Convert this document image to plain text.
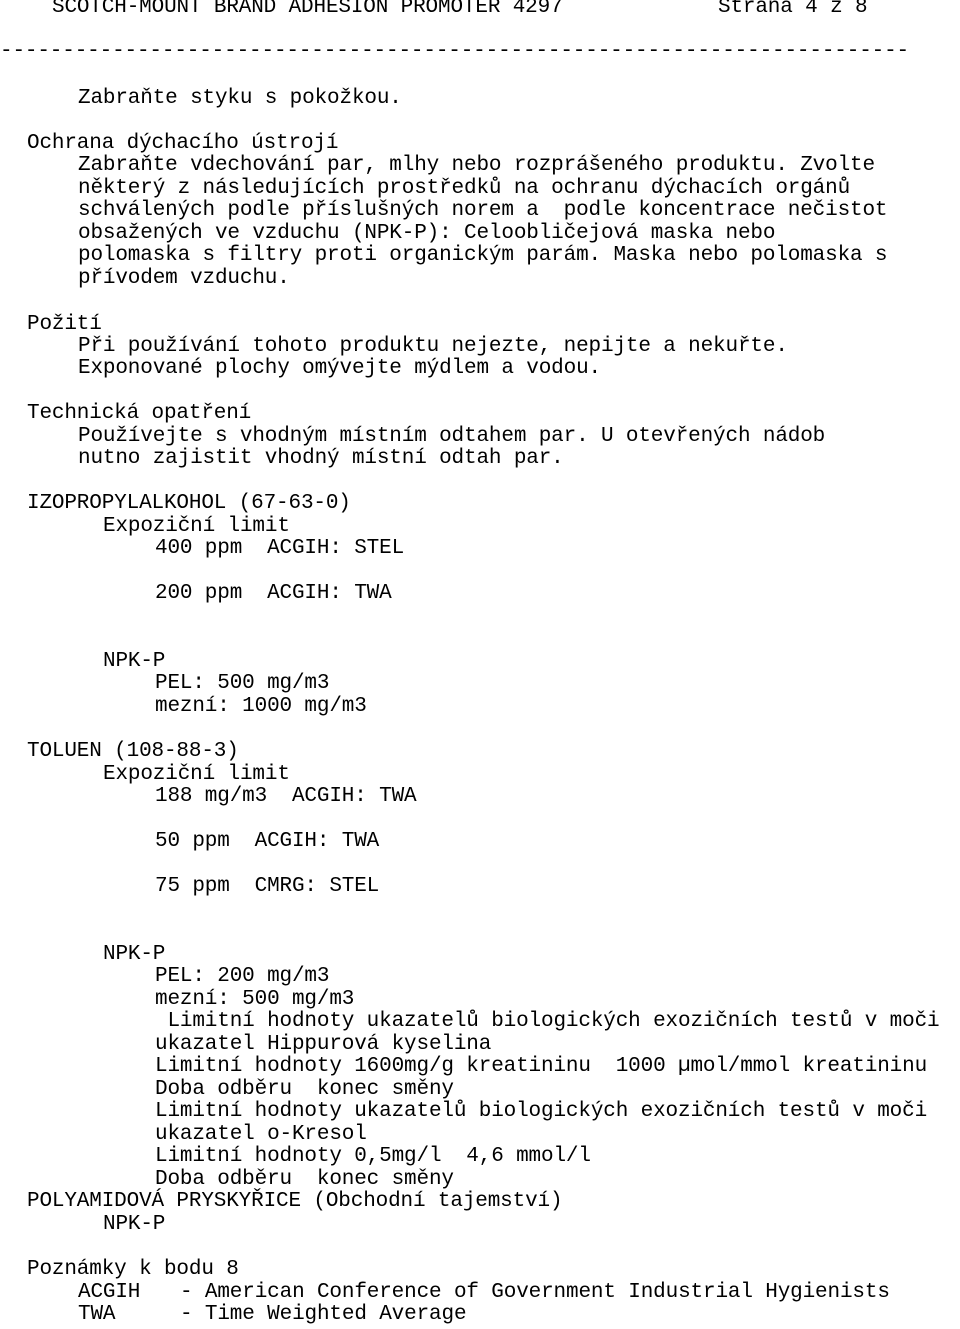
SCOTCH-MOUNT BRAND ADHESION PROMOTER 4297	Strana 4 z 8
-------------------------------------------------------------------------
Zabraňte styku s pokožkou.
Ochrana dýchacího ústrojí
Zabraňte vdechování par, mlhy nebo rozprášeného produktu. Zvolte
některý z následujících prostředků na ochranu dýchacích orgánů
schválených podle příslušných norem a  podle koncentrace nečistot
obsažených ve vzduchu (NPK-P): Celoobličejová maska nebo
polomaska s filtry proti organickým parám. Maska nebo polomaska s
přívodem vzduchu.
Požití
Při používání tohoto produktu nejezte, nepijte a nekuřte.
Exponované plochy omývejte mýdlem a vodou.
Technická opatření
Používejte s vhodným místním odtahem par. U otevřených nádob
nutno zajistit vhodný místní odtah par.
IZOPROPYLALKOHOL (67-63-0)
Expoziční limit
400 ppm  ACGIH: STEL
200 ppm  ACGIH: TWA
NPK-P
PEL: 500 mg/m3
mezní: 1000 mg/m3
TOLUEN (108-88-3)
Expoziční limit
188 mg/m3  ACGIH: TWA
50 ppm  ACGIH: TWA
75 ppm  CMRG: STEL
NPK-P
PEL: 200 mg/m3
mezní: 500 mg/m3
Limitní hodnoty ukazatelů biologických exozičních testů v moči
ukazatel Hippurová kyselina
Limitní hodnoty 1600mg/g kreatininu  1000 µmol/mmol kreatininu
Doba odběru  konec směny
Limitní hodnoty ukazatelů biologických exozičních testů v moči
ukazatel o-Kresol
Limitní hodnoty 0,5mg/l  4,6 mmol/l
Doba odběru  konec směny
POLYAMIDOVÁ PRYSKYŘICE (Obchodní tajemství)
NPK-P
Poznámky k bodu 8
ACGIH - American Conference of Government Industrial Hygienists
TWA	- Time Weighted Average
